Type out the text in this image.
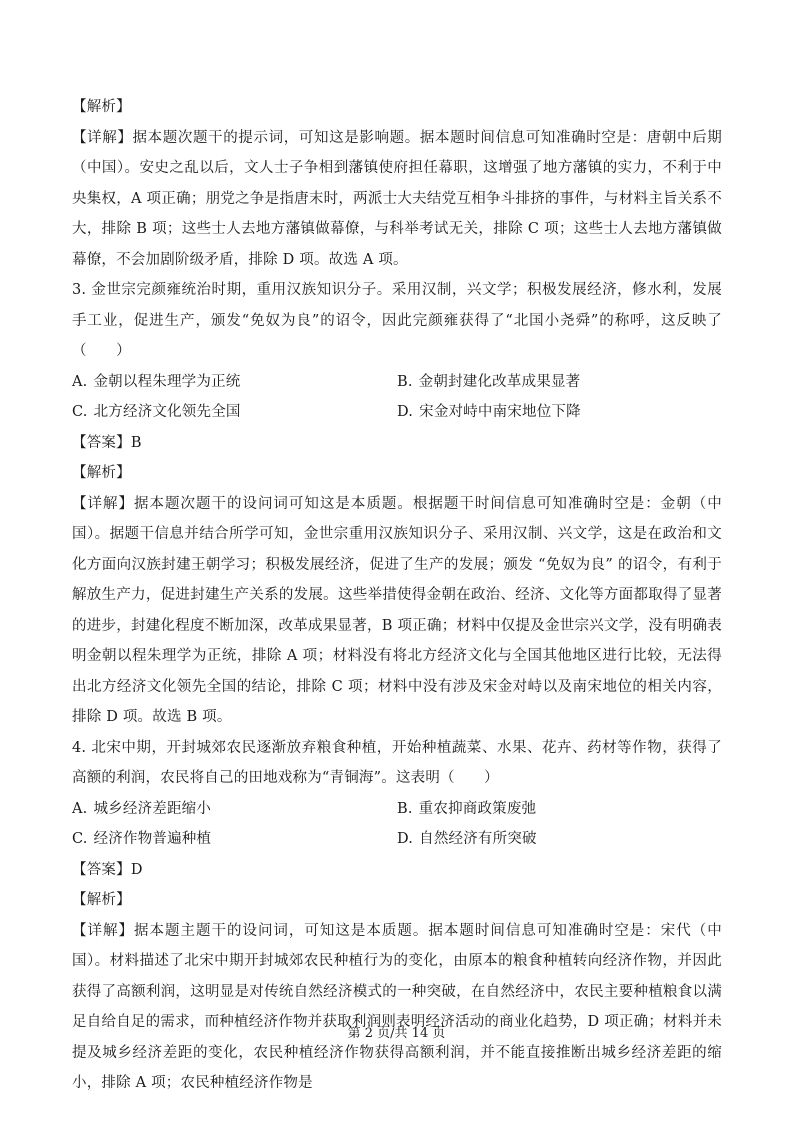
【解析】

【详解】据本题次题干的提示词，可知这是影响题。据本题时间信息可知准确时空是：唐朝中后期（中国）。安史之乱以后，文人士子争相到藩镇使府担任幕职，这增强了地方藩镇的实力，不利于中央集权，A 项正确；朋党之争是指唐末时，两派士大夫结党互相争斗排挤的事件，与材料主旨关系不大，排除 B 项；这些士人去地方藩镇做幕僚，与科举考试无关，排除 C 项；这些士人去地方藩镇做幕僚，不会加剧阶级矛盾，排除 D 项。故选 A 项。

3. 金世宗完颜雍统治时期，重用汉族知识分子。采用汉制，兴文学；积极发展经济，修水利，发展手工业，促进生产，颁发“免奴为良”的诏令，因此完颜雍获得了“北国小尧舜”的称呼，这反映了（　　）

A. 金朝以程朱理学为正统	B. 金朝封建化改革成果显著
C. 北方经济文化领先全国	D. 宋金对峙中南宋地位下降

【答案】B

【解析】

【详解】据本题次题干的设问词可知这是本质题。根据题干时间信息可知准确时空是：金朝（中国）。据题干信息并结合所学可知，金世宗重用汉族知识分子、采用汉制、兴文学，这是在政治和文化方面向汉族封建王朝学习；积极发展经济，促进了生产的发展；颁发 “免奴为良” 的诏令，有利于解放生产力，促进封建生产关系的发展。这些举措使得金朝在政治、经济、文化等方面都取得了显著的进步，封建化程度不断加深，改革成果显著，B 项正确；材料中仅提及金世宗兴文学，没有明确表明金朝以程朱理学为正统，排除 A 项；材料没有将北方经济文化与全国其他地区进行比较，无法得出北方经济文化领先全国的结论，排除 C 项；材料中没有涉及宋金对峙以及南宋地位的相关内容，排除 D 项。故选 B 项。

4. 北宋中期，开封城郊农民逐渐放弃粮食种植，开始种植蔬菜、水果、花卉、药材等作物，获得了高额的利润，农民将自己的田地戏称为“青铜海”。这表明（　　）

A. 城乡经济差距缩小	B. 重农抑商政策废弛
C. 经济作物普遍种植	D. 自然经济有所突破

【答案】D

【解析】

【详解】据本题主题干的设问词，可知这是本质题。据本题时间信息可知准确时空是：宋代（中国）。材料描述了北宋中期开封城郊农民种植行为的变化，由原本的粮食种植转向经济作物，并因此获得了高额利润，这明显是对传统自然经济模式的一种突破，在自然经济中，农民主要种植粮食以满足自给自足的需求，而种植经济作物并获取利润则表明经济活动的商业化趋势，D 项正确；材料并未提及城乡经济差距的变化，农民种植经济作物获得高额利润，并不能直接推断出城乡经济差距的缩小，排除 A 项；农民种植经济作物是

第 2 页/共 14 页
